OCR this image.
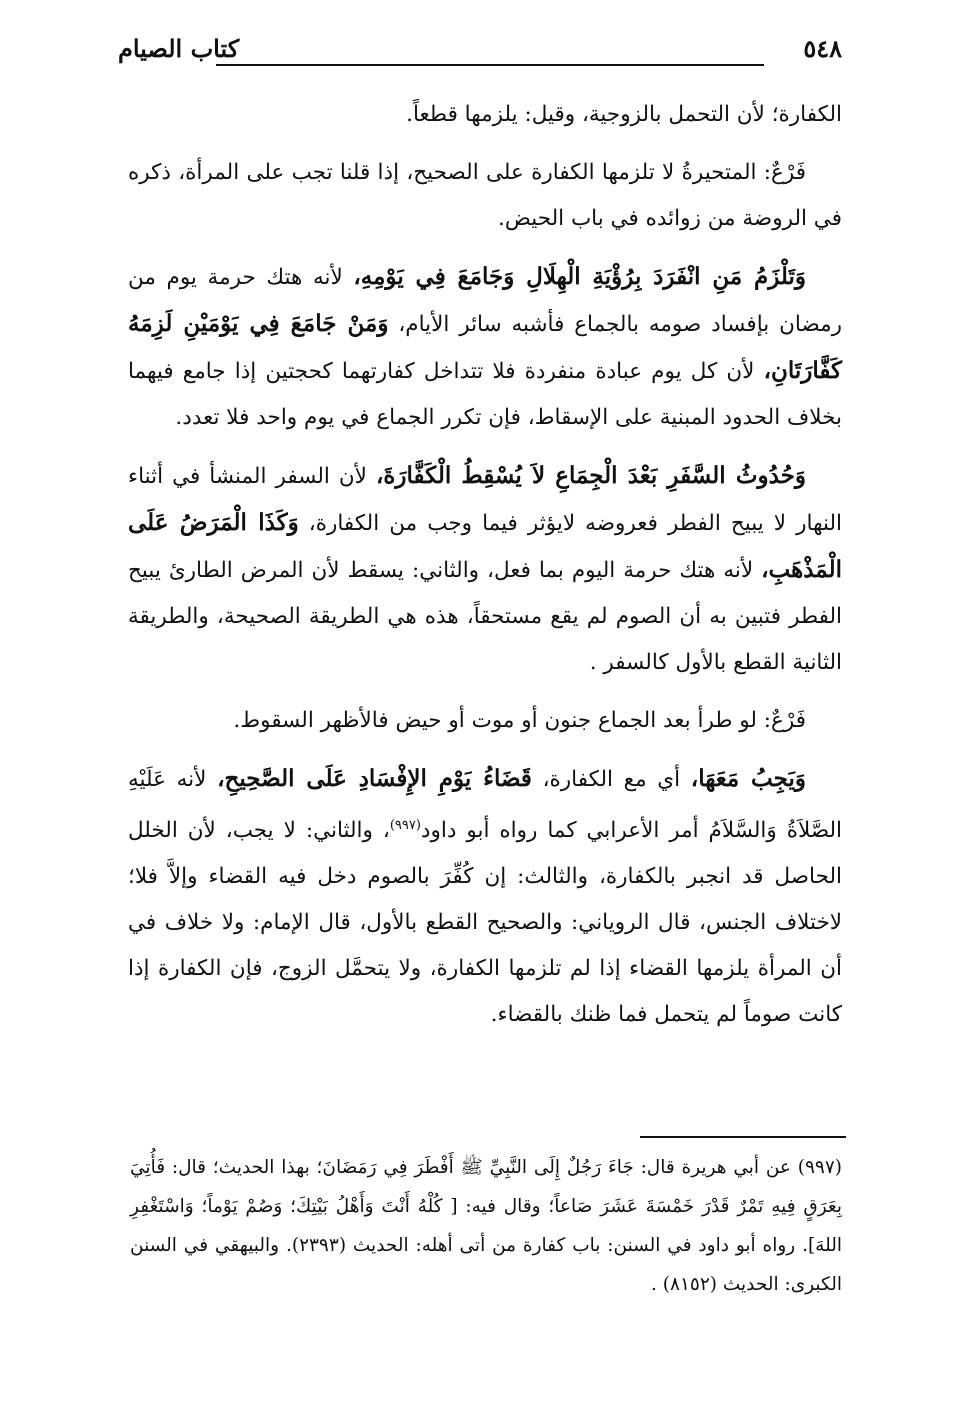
كتاب الصيام	٥٤٨

الكفارة؛ لأن التحمل بالزوجية، وقيل: يلزمها قطعاً.

فَرْعٌ: المتحيرةُ لا تلزمها الكفارة على الصحيح، إذا قلنا تجب على المرأة، ذكره في الروضة من زوائده في باب الحيض.

وَتَلْزَمُ مَنِ انْفَرَدَ بِرُؤْيَةِ الْهِلَالِ وَجَامَعَ فِي يَوْمِهِ، لأنه هتك حرمة يوم من رمضان بإفساد صومه بالجماع فأشبه سائر الأيام، وَمَنْ جَامَعَ فِي يَوْمَيْنِ لَزِمَهُ كَفَّارَتَانِ، لأن كل يوم عبادة منفردة فلا تتداخل كفارتهما كحجتين إذا جامع فيهما بخلاف الحدود المبنية على الإسقاط، فإن تكرر الجماع في يوم واحد فلا تعدد.

وَحُدُوثُ السَّفَرِ بَعْدَ الْجِمَاعِ لاَ يُسْقِطُ الْكَفَّارَةَ، لأن السفر المنشأ في أثناء النهار لا يبيح الفطر فعروضه لايؤثر فيما وجب من الكفارة، وَكَذَا الْمَرَضُ عَلَى الْمَذْهَبِ، لأنه هتك حرمة اليوم بما فعل، والثاني: يسقط لأن المرض الطارئ يبيح الفطر فتبين به أن الصوم لم يقع مستحقاً، هذه هي الطريقة الصحيحة، والطريقة الثانية القطع بالأول كالسفر .

فَرْعٌ: لو طرأ بعد الجماع جنون أو موت أو حيض فالأظهر السقوط.

وَيَجِبُ مَعَهَا، أي مع الكفارة، قَضَاءُ يَوْمِ الإِفْسَادِ عَلَى الصَّحِيحِ، لأنه عَلَيْهِ الصَّلاَةُ وَالسَّلاَمُ أمر الأعرابي كما رواه أبو داود$^{(٩٩٧)}$، والثاني: لا يجب، لأن الخلل الحاصل قد انجبر بالكفارة، والثالث: إن كُفِّرَ بالصوم دخل فيه القضاء وإلاَّ فلا؛ لاختلاف الجنس، قال الروياني: والصحيح القطع بالأول، قال الإمام: ولا خلاف في أن المرأة يلزمها القضاء إذا لم تلزمها الكفارة، ولا يتحمَّل الزوج، فإن الكفارة إذا كانت صوماً لم يتحمل فما ظنك بالقضاء.

(٩٩٧) عن أبي هريرة قال: جَاءَ رَجُلٌ إِلَى النَّبِيِّ ﷺ أَفْطَرَ فِي رَمَضَانَ؛ بهذا الحديث؛ قال: فَأُتِيَ بِعَرَقٍ فِيهِ تَمْرٌ قَدْرَ خَمْسَةَ عَشَرَ صَاعاً؛ وقال فيه: [ كُلْهُ أَنْتَ وَأَهْلُ بَيْتِكَ؛ وَصُمْ يَوْماً؛ وَاسْتَغْفِرِ اللهَ]. رواه أبو داود في السنن: باب كفارة من أتى أهله: الحديث (٢٣٩٣). والبيهقي في السنن الكبرى: الحديث (٨١٥٢) .
